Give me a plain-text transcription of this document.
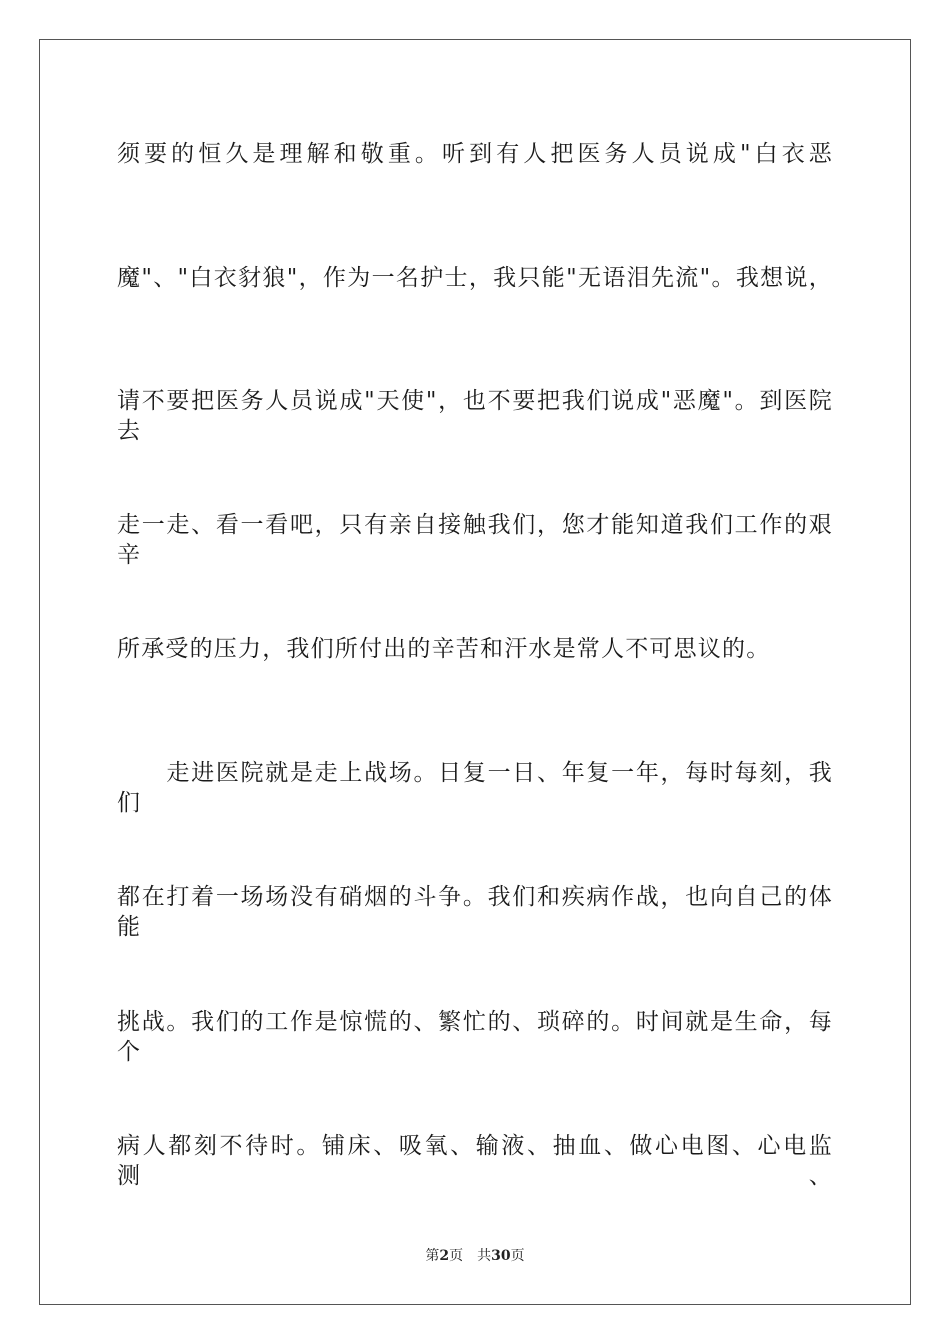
须要的恒久是理解和敬重。听到有人把医务人员说成"白衣恶
魔"、"白衣豺狼"，作为一名护士，我只能"无语泪先流"。我想说，
请不要把医务人员说成"天使"，也不要把我们说成"恶魔"。到医院去
走一走、看一看吧，只有亲自接触我们，您才能知道我们工作的艰辛
所承受的压力，我们所付出的辛苦和汗水是常人不可思议的。
　　走进医院就是走上战场。日复一日、年复一年，每时每刻，我们
都在打着一场场没有硝烟的斗争。我们和疾病作战，也向自己的体能
挑战。我们的工作是惊慌的、繁忙的、琐碎的。时间就是生命，每个
病人都刻不待时。铺床、吸氧、输液、抽血、做心电图、心电监测、
第2页 共30页
